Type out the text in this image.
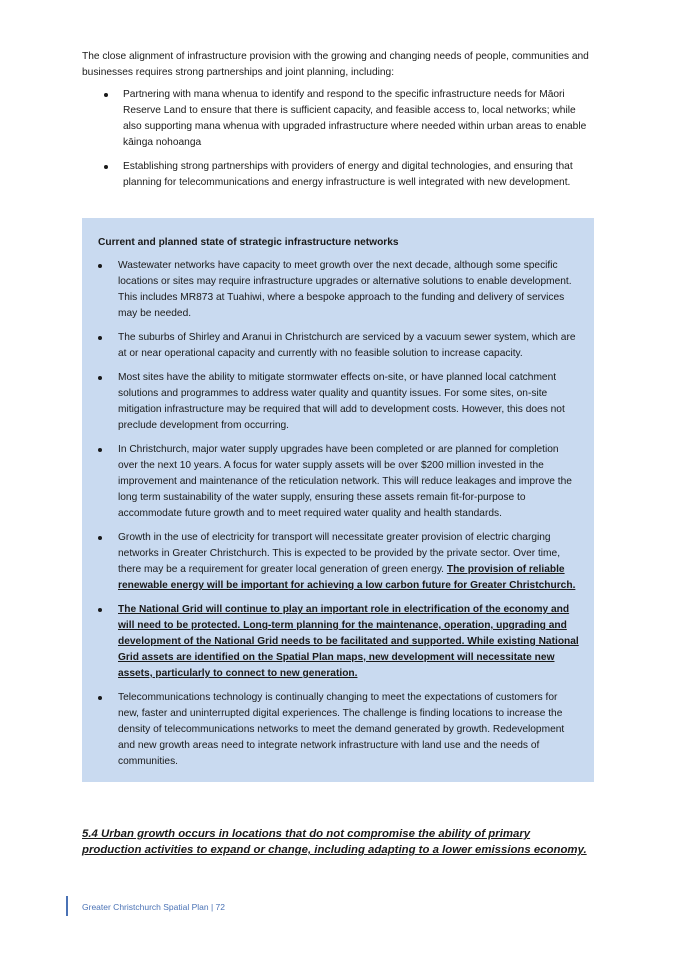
The close alignment of infrastructure provision with the growing and changing needs of people, communities and businesses requires strong partnerships and joint planning, including:

Partnering with mana whenua to identify and respond to the specific infrastructure needs for Māori Reserve Land to ensure that there is sufficient capacity, and feasible access to, local networks; while also supporting mana whenua with upgraded infrastructure where needed within urban areas to enable kāinga nohoanga
Establishing strong partnerships with providers of energy and digital technologies, and ensuring that planning for telecommunications and energy infrastructure is well integrated with new development.
Current and planned state of strategic infrastructure networks
Wastewater networks have capacity to meet growth over the next decade, although some specific locations or sites may require infrastructure upgrades or alternative solutions to enable development. This includes MR873 at Tuahiwi, where a bespoke approach to the funding and delivery of services may be needed.
The suburbs of Shirley and Aranui in Christchurch are serviced by a vacuum sewer system, which are at or near operational capacity and currently with no feasible solution to increase capacity.
Most sites have the ability to mitigate stormwater effects on-site, or have planned local catchment solutions and programmes to address water quality and quantity issues. For some sites, on-site mitigation infrastructure may be required that will add to development costs. However, this does not preclude development from occurring.
In Christchurch, major water supply upgrades have been completed or are planned for completion over the next 10 years. A focus for water supply assets will be over $200 million invested in the improvement and maintenance of the reticulation network. This will reduce leakages and improve the long term sustainability of the water supply, ensuring these assets remain fit-for-purpose to accommodate future growth and to meet required water quality and health standards.
Growth in the use of electricity for transport will necessitate greater provision of electric charging networks in Greater Christchurch. This is expected to be provided by the private sector. Over time, there may be a requirement for greater local generation of green energy. The provision of reliable renewable energy will be important for achieving a low carbon future for Greater Christchurch.
The National Grid will continue to play an important role in electrification of the economy and will need to be protected. Long-term planning for the maintenance, operation, upgrading and development of the National Grid needs to be facilitated and supported. While existing National Grid assets are identified on the Spatial Plan maps, new development will necessitate new assets, particularly to connect to new generation.
Telecommunications technology is continually changing to meet the expectations of customers for new, faster and uninterrupted digital experiences. The challenge is finding locations to increase the density of telecommunications networks to meet the demand generated by growth. Redevelopment and new growth areas need to integrate network infrastructure with land use and the needs of communities.
5.4 Urban growth occurs in locations that do not compromise the ability of primary production activities to expand or change, including adapting to a lower emissions economy.
Greater Christchurch Spatial Plan | 72
